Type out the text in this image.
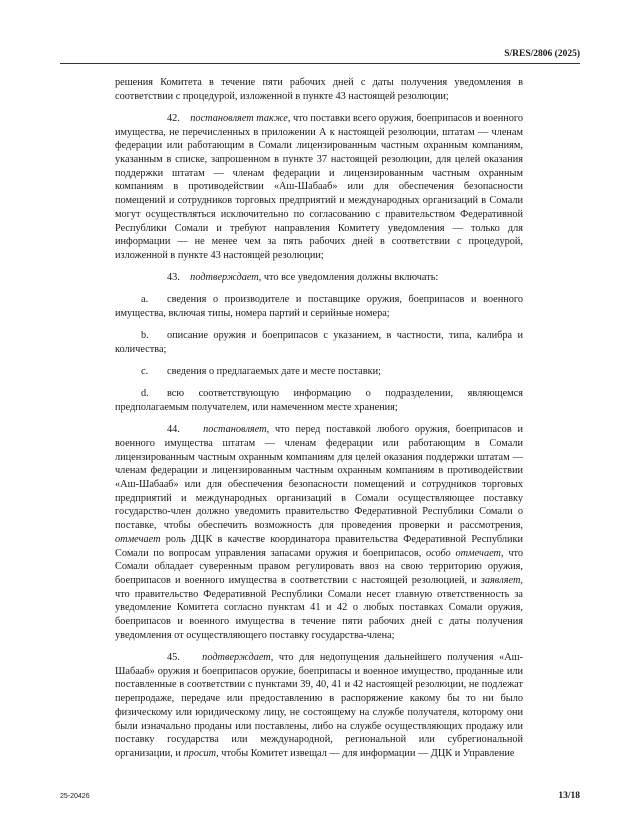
S/RES/2806 (2025)

решения Комитета в течение пяти рабочих дней с даты получения уведомления в соответствии с процедурой, изложенной в пункте 43 настоящей резолюции;

42. постановляет также, что поставки всего оружия, боеприпасов и военного имущества, не перечисленных в приложении А к настоящей резолюции, штатам — членам федерации или работающим в Сомали лицензированным частным охранным компаниям, указанным в списке, запрошенном в пункте 37 настоящей резолюции, для целей оказания поддержки штатам — членам федерации и лицензированным частным охранным компаниям в противодействии «Аш-Шабааб» или для обеспечения безопасности помещений и сотрудников торговых предприятий и международных организаций в Сомали могут осуществляться исключительно по согласованию с правительством Федеративной Республики Сомали и требуют направления Комитету уведомления — только для информации — не менее чем за пять рабочих дней в соответствии с процедурой, изложенной в пункте 43 настоящей резолюции;

43. подтверждает, что все уведомления должны включать:

a. сведения о производителе и поставщике оружия, боеприпасов и военного имущества, включая типы, номера партий и серийные номера;

b. описание оружия и боеприпасов с указанием, в частности, типа, калибра и количества;

c. сведения о предлагаемых дате и месте поставки;

d. всю соответствующую информацию о подразделении, являющемся предполагаемым получателем, или намеченном месте хранения;

44. постановляет, что перед поставкой любого оружия, боеприпасов и военного имущества штатам — членам федерации или работающим в Сомали лицензированным частным охранным компаниям для целей оказания поддержки штатам — членам федерации и лицензированным частным охранным компаниям в противодействии «Аш-Шабааб» или для обеспечения безопасности помещений и сотрудников торговых предприятий и международных организаций в Сомали осуществляющее поставку государство-член должно уведомить правительство Федеративной Республики Сомали о поставке, чтобы обеспечить возможность для проведения проверки и рассмотрения, отмечает роль ДЦК в качестве координатора правительства Федеративной Республики Сомали по вопросам управления запасами оружия и боеприпасов, особо отмечает, что Сомали обладает суверенным правом регулировать ввоз на свою территорию оружия, боеприпасов и военного имущества в соответствии с настоящей резолюцией, и заявляет, что правительство Федеративной Республики Сомали несет главную ответственность за уведомление Комитета согласно пунктам 41 и 42 о любых поставках Сомали оружия, боеприпасов и военного имущества в течение пяти рабочих дней с даты получения уведомления от осуществляющего поставку государства-члена;

45. подтверждает, что для недопущения дальнейшего получения «Аш-Шабааб» оружия и боеприпасов оружие, боеприпасы и военное имущество, проданные или поставленные в соответствии с пунктами 39, 40, 41 и 42 настоящей резолюции, не подлежат перепродаже, передаче или предоставлению в распоряжение какому бы то ни было физическому или юридическому лицу, не состоящему на службе получателя, которому они были изначально проданы или поставлены, либо на службе осуществляющих продажу или поставку государства или международной, региональной или субрегиональной организации, и просит, чтобы Комитет извещал — для информации — ДЦК и Управление

25-20426	13/18
